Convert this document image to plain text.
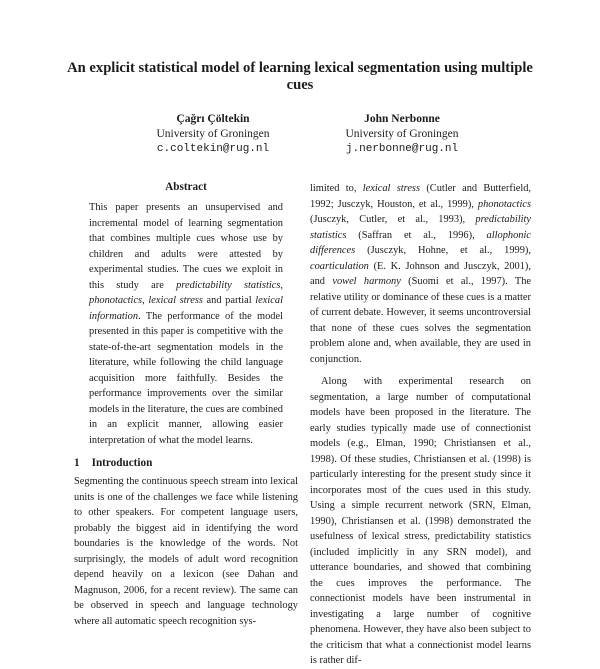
An explicit statistical model of learning lexical segmentation using multiple cues
Çağrı Çöltekin
University of Groningen
c.coltekin@rug.nl
John Nerbonne
University of Groningen
j.nerbonne@rug.nl
Abstract

This paper presents an unsupervised and incremental model of learning segmentation that combines multiple cues whose use by children and adults were attested by experimental studies. The cues we exploit in this study are predictability statistics, phonotactics, lexical stress and partial lexical information. The performance of the model presented in this paper is competitive with the state-of-the-art segmentation models in the literature, while following the child language acquisition more faithfully. Besides the performance improvements over the similar models in the literature, the cues are combined in an explicit manner, allowing easier interpretation of what the model learns.

1 Introduction

Segmenting the continuous speech stream into lexical units is one of the challenges we face while listening to other speakers. For competent language users, probably the biggest aid in identifying the word boundaries is the knowledge of the words. Not surprisingly, the models of adult word recognition depend heavily on a lexicon (see Dahan and Magnuson, 2006, for a recent review). The same can be observed in speech and language technology where all automatic speech recognition sys-

limited to, lexical stress (Cutler and Butterfield, 1992; Jusczyk, Houston, et al., 1999), phonotactics (Jusczyk, Cutler, et al., 1993), predictability statistics (Saffran et al., 1996), allophonic differences (Jusczyk, Hohne, et al., 1999), coarticulation (E. K. Johnson and Jusczyk, 2001), and vowel harmony (Suomi et al., 1997). The relative utility or dominance of these cues is a matter of current debate. However, it seems uncontroversial that none of these cues solves the segmentation problem alone and, when available, they are used in conjunction.

Along with experimental research on segmentation, a large number of computational models have been proposed in the literature. The early studies typically made use of connectionist models (e.g., Elman, 1990; Christiansen et al., 1998). Of these studies, Christiansen et al. (1998) is particularly interesting for the present study since it incorporates most of the cues used in this study. Using a simple recurrent network (SRN, Elman, 1990), Christiansen et al. (1998) demonstrated the usefulness of lexical stress, predictability statistics (included implicitly in any SRN model), and utterance boundaries, and showed that combining the cues improves the performance. The connectionist models have been instrumental in investigating a large number of cognitive phenomena. However, they have also been subject to the criticism that what a connectionist model learns is rather dif-
